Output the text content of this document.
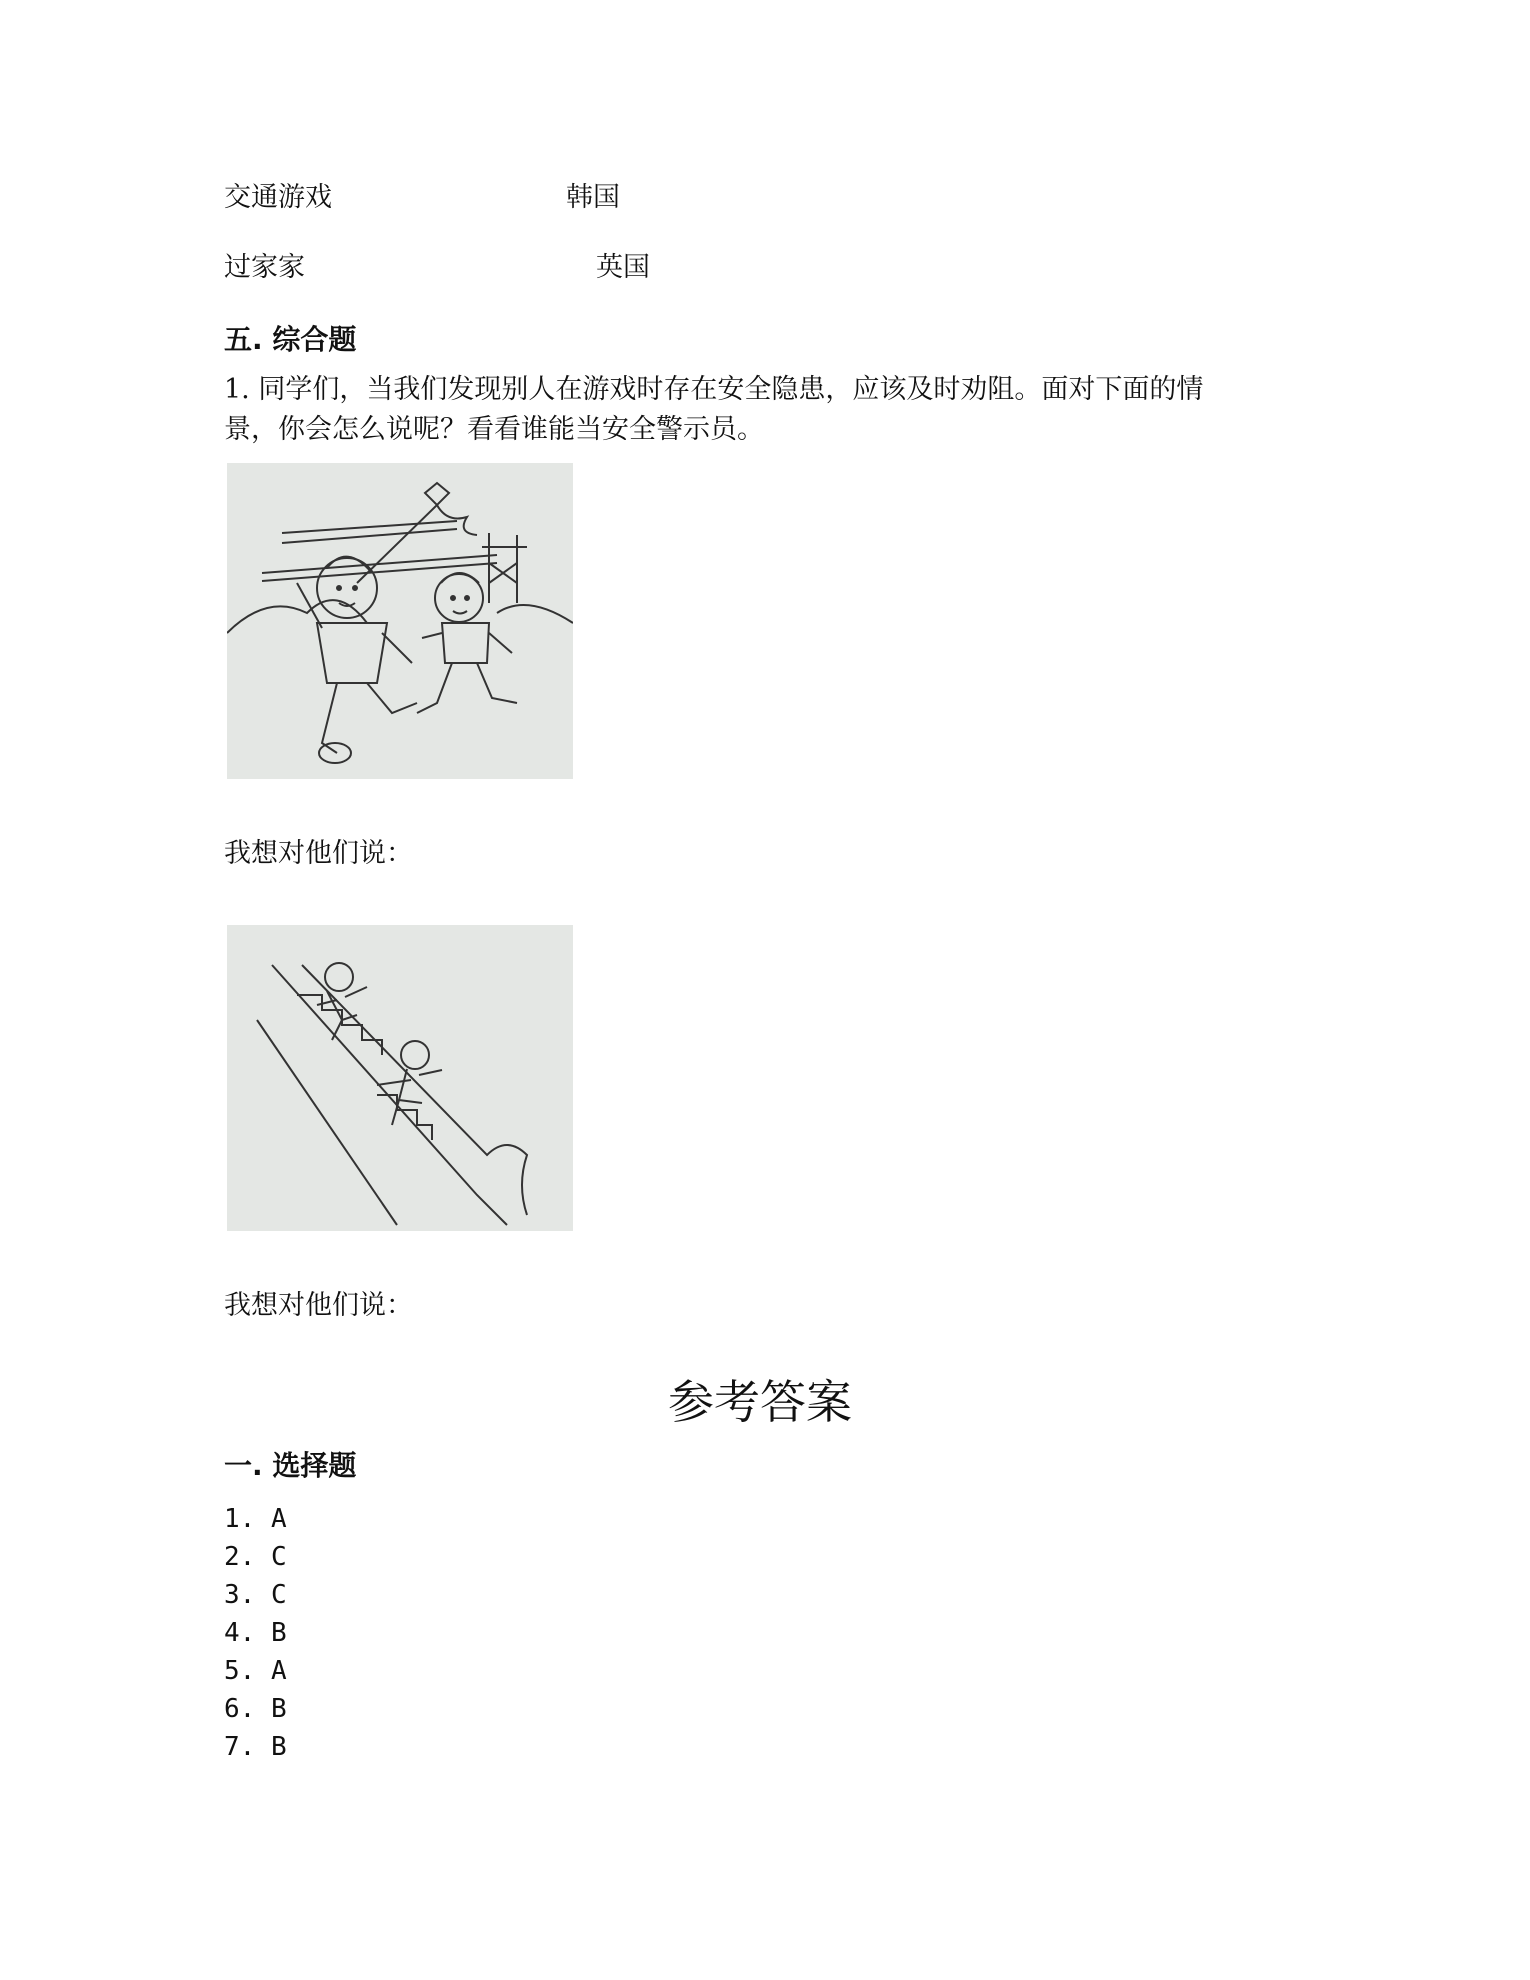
交通游戏	韩国
过家家	英国
五. 综合题
1. 同学们，当我们发现别人在游戏时存在安全隐患，应该及时劝阻。面对下面的情
景，你会怎么说呢？看看谁能当安全警示员。
我想对他们说：
我想对他们说：
参考答案
一. 选择题
1. A
2. C
3. C
4. B
5. A
6. B
7. B
